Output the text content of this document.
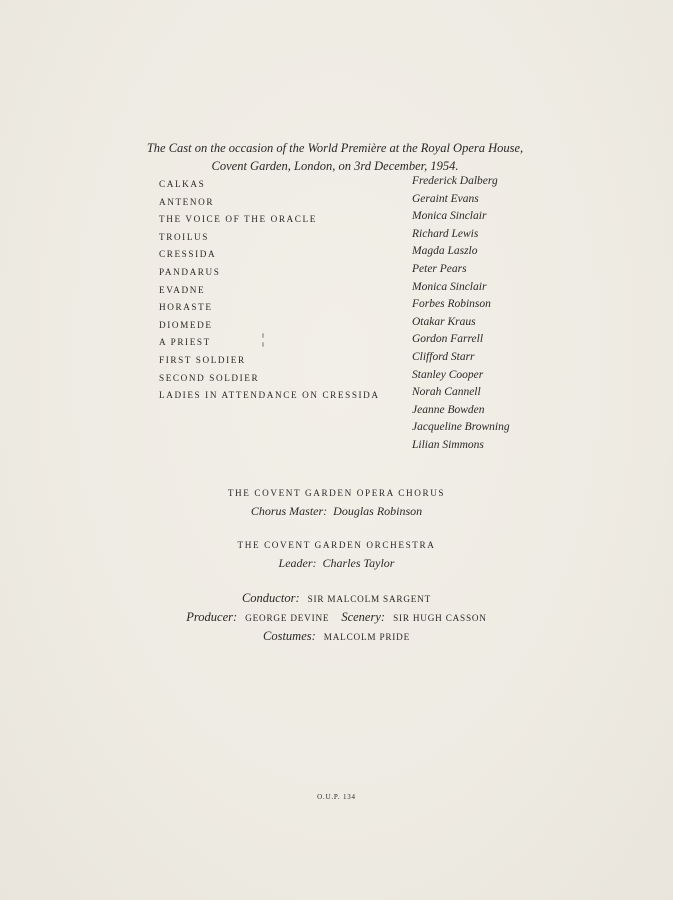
The Cast on the occasion of the World Première at the Royal Opera House,
Covent Garden, London, on 3rd December, 1954.
CALKAS
ANTENOR
THE VOICE OF THE ORACLE
TROILUS
CRESSIDA
PANDARUS
EVADNE
HORASTE
DIOMEDE
A PRIEST
FIRST SOLDIER
SECOND SOLDIER
LADIES IN ATTENDANCE ON CRESSIDA
Frederick Dalberg
Geraint Evans
Monica Sinclair
Richard Lewis
Magda Laszlo
Peter Pears
Monica Sinclair
Forbes Robinson
Otakar Kraus
Gordon Farrell
Clifford Starr
Stanley Cooper
Norah Cannell
Jeanne Bowden
Jacqueline Browning
Lilian Simmons
THE COVENT GARDEN OPERA CHORUS
Chorus Master: Douglas Robinson
THE COVENT GARDEN ORCHESTRA
Leader: Charles Taylor
Conductor: SIR MALCOLM SARGENT
Producer: GEORGE DEVINE Scenery: SIR HUGH CASSON
Costumes: MALCOLM PRIDE
O.U.P. 134
